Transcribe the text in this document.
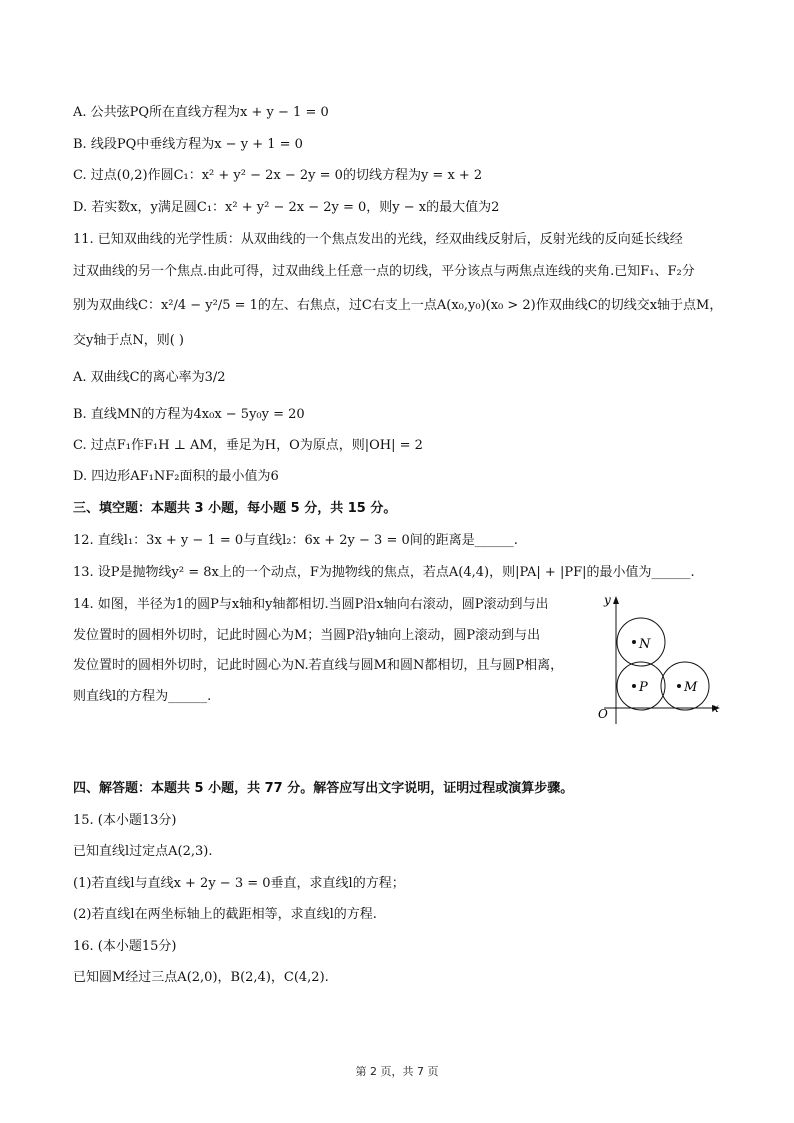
A. 公共弦PQ所在直线方程为x + y − 1 = 0
B. 线段PQ中垂线方程为x − y + 1 = 0
C. 过点(0,2)作圆C₁：x² + y² − 2x − 2y = 0的切线方程为y = x + 2
D. 若实数x，y满足圆C₁：x² + y² − 2x − 2y = 0，则y − x的最大值为2
11. 已知双曲线的光学性质：从双曲线的一个焦点发出的光线，经双曲线反射后，反射光线的反向延长线经
过双曲线的另一个焦点.由此可得，过双曲线上任意一点的切线，平分该点与两焦点连线的夹角.已知F₁、F₂分
别为双曲线C：x²/4 − y²/5 = 1的左、右焦点，过C右支上一点A(x₀,y₀)(x₀ > 2)作双曲线C的切线交x轴于点M，
交y轴于点N，则( )
A. 双曲线C的离心率为3/2
B. 直线MN的方程为4x₀x − 5y₀y = 20
C. 过点F₁作F₁H ⊥ AM，垂足为H，O为原点，则|OH| = 2
D. 四边形AF₁NF₂面积的最小值为6
三、填空题：本题共 3 小题，每小题 5 分，共 15 分。
12. 直线l₁：3x + y − 1 = 0与直线l₂：6x + 2y − 3 = 0间的距离是______.
13. 设P是抛物线y² = 8x上的一个动点，F为抛物线的焦点，若点A(4,4)，则|PA| + |PF|的最小值为______.
14. 如图，半径为1的圆P与x轴和y轴都相切.当圆P沿x轴向右滚动，圆P滚动到与出
发位置时的圆相外切时，记此时圆心为M；当圆P沿y轴向上滚动，圆P滚动到与出
发位置时的圆相外切时，记此时圆心为N.若直线与圆M和圆N都相切，且与圆P相离，
则直线l的方程为______.
x
y
O
N
P	M
四、解答题：本题共 5 小题，共 77 分。解答应写出文字说明，证明过程或演算步骤。
15. (本小题13分)
已知直线l过定点A(2,3).
(1)若直线l与直线x + 2y − 3 = 0垂直，求直线l的方程；
(2)若直线l在两坐标轴上的截距相等，求直线l的方程.
16. (本小题15分)
已知圆M经过三点A(2,0)，B(2,4)，C(4,2).
第 2 页，共 7 页
